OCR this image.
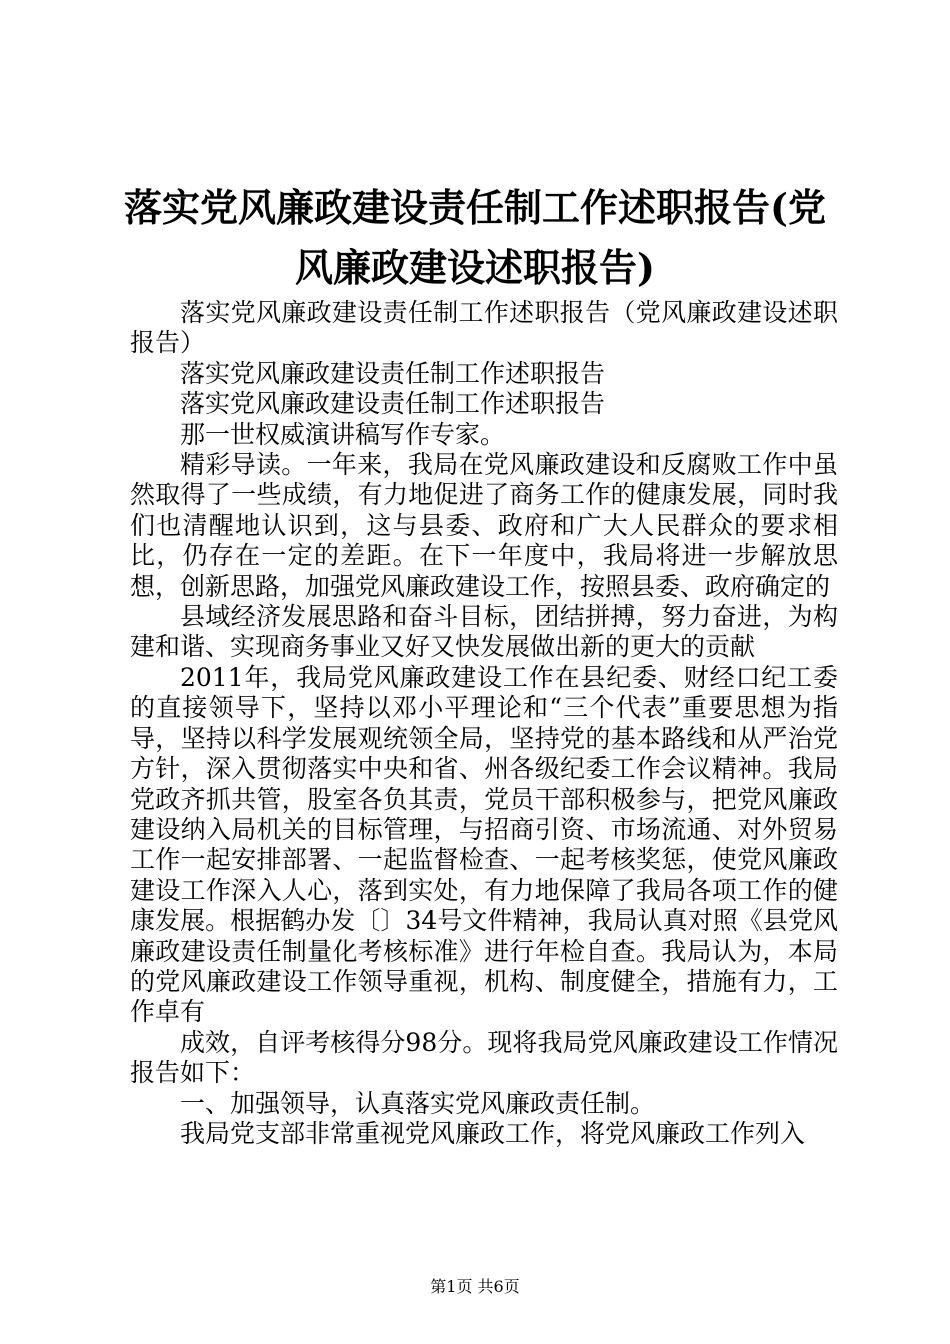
落实党风廉政建设责任制工作述职报告(党风廉政建设述职报告)

落实党风廉政建设责任制工作述职报告（党风廉政建设述职报告）

落实党风廉政建设责任制工作述职报告

落实党风廉政建设责任制工作述职报告

那一世权威演讲稿写作专家。

精彩导读。一年来，我局在党风廉政建设和反腐败工作中虽然取得了一些成绩，有力地促进了商务工作的健康发展，同时我们也清醒地认识到，这与县委、政府和广大人民群众的要求相比，仍存在一定的差距。在下一年度中，我局将进一步解放思想，创新思路，加强党风廉政建设工作，按照县委、政府确定的

县域经济发展思路和奋斗目标，团结拼搏，努力奋进，为构建和谐、实现商务事业又好又快发展做出新的更大的贡献

2011年，我局党风廉政建设工作在县纪委、财经口纪工委的直接领导下，坚持以邓小平理论和“三个代表”重要思想为指导，坚持以科学发展观统领全局，坚持党的基本路线和从严治党方针，深入贯彻落实中央和省、州各级纪委工作会议精神。我局党政齐抓共管，股室各负其责，党员干部积极参与，把党风廉政建设纳入局机关的目标管理，与招商引资、市场流通、对外贸易工作一起安排部署、一起监督检查、一起考核奖惩，使党风廉政建设工作深入人心，落到实处，有力地保障了我局各项工作的健康发展。根据鹤办发〔〕34号文件精神，我局认真对照《县党风廉政建设责任制量化考核标准》进行年检自查。我局认为，本局的党风廉政建设工作领导重视，机构、制度健全，措施有力，工作卓有

成效，自评考核得分98分。现将我局党风廉政建设工作情况报告如下：

一、加强领导，认真落实党风廉政责任制。

我局党支部非常重视党风廉政工作，将党风廉政工作列入

第1页 共6页
